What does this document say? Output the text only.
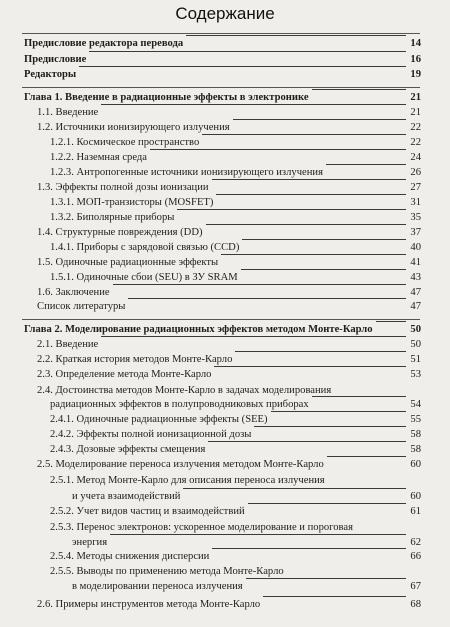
Содержание
Предисловие редактора перевода	14
Предисловие	16
Редакторы	19
Глава 1. Введение в радиационные эффекты в электронике	21
1.1. Введение	21
1.2. Источники ионизирующего излучения	22
1.2.1. Космическое пространство	22
1.2.2. Наземная среда	24
1.2.3. Антропогенные источники ионизирующего излучения	26
1.3. Эффекты полной дозы ионизации	27
1.3.1. МОП-транзисторы (MOSFET)	31
1.3.2. Биполярные приборы	35
1.4. Структурные повреждения (DD)	37
1.4.1. Приборы с зарядовой связью (CCD)	40
1.5. Одиночные радиационные эффекты	41
1.5.1. Одиночные сбои (SEU) в ЗУ SRAM	43
1.6. Заключение	47
Список литературы	47
Глава 2. Моделирование радиационных эффектов методом Монте-Карло	50
2.1. Введение	50
2.2. Краткая история методов Монте-Карло	51
2.3. Определение метода Монте-Карло	53
2.4. Достоинства методов Монте-Карло в задачах моделирования
радиационных эффектов в полупроводниковых приборах	54
2.4.1. Одиночные радиационные эффекты (SEE)	55
2.4.2. Эффекты полной ионизационной дозы	58
2.4.3. Дозовые эффекты смещения	58
2.5. Моделирование переноса излучения методом Монте-Карло	60
2.5.1. Метод Монте-Карло для описания переноса излучения
и учета взаимодействий	60
2.5.2. Учет видов частиц и взаимодействий	61
2.5.3. Перенос электронов: ускоренное моделирование и пороговая
энергия	62
2.5.4. Методы снижения дисперсии	66
2.5.5. Выводы по применению метода Монте-Карло
в моделировании переноса излучения	67
2.6. Примеры инструментов метода Монте-Карло	68
